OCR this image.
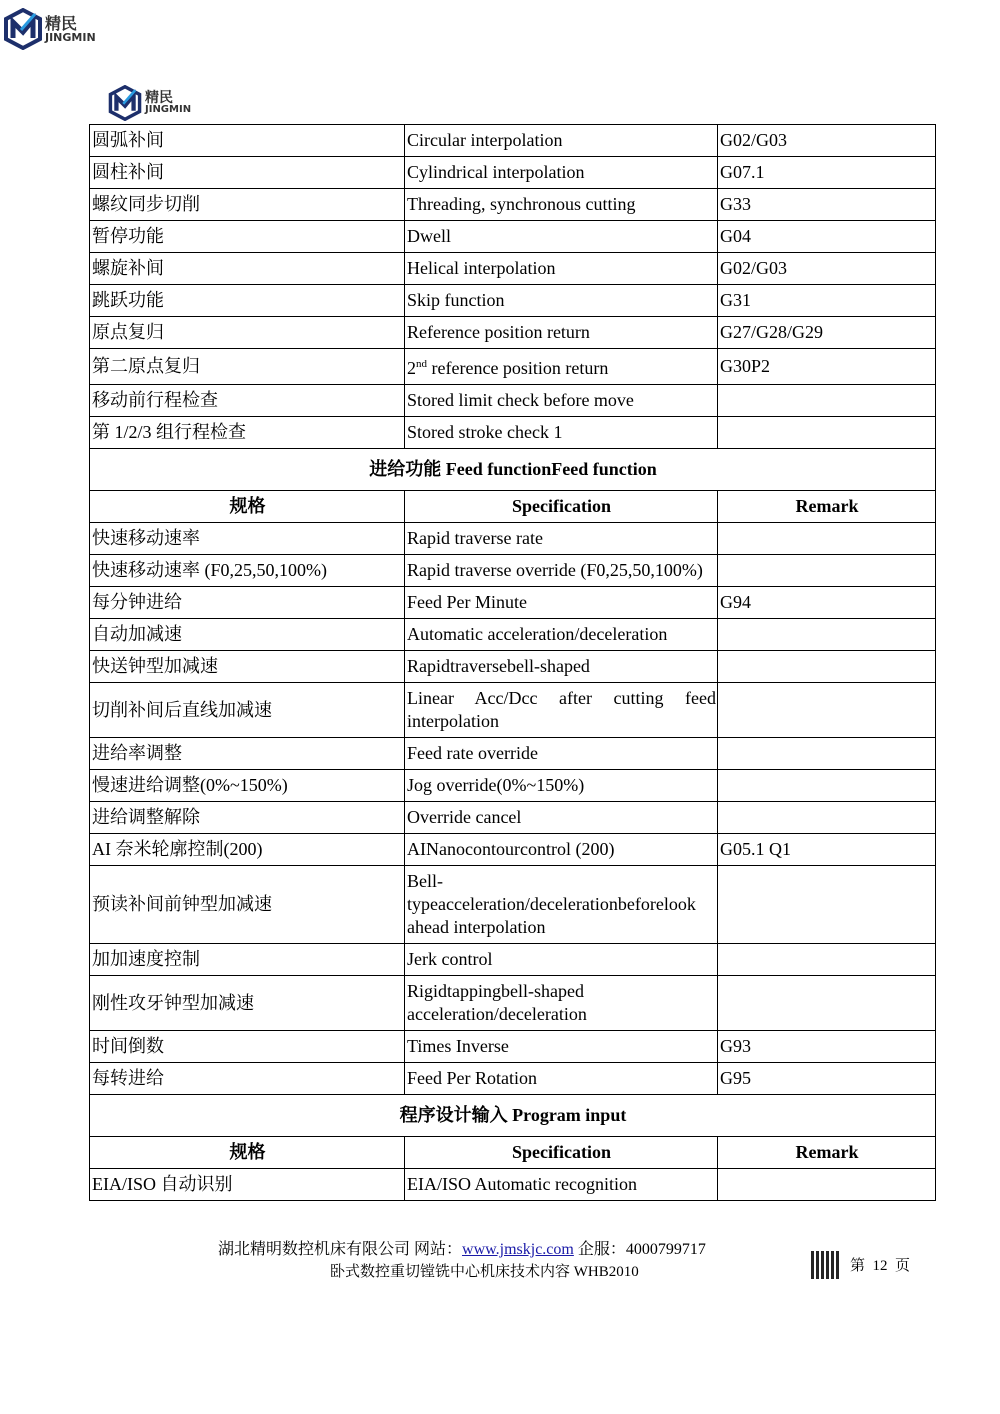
精民
JINGMIN
精民
JINGMIN
圆弧补间	Circular interpolation	G02/G03
圆柱补间	Cylindrical interpolation	G07.1
螺纹同步切削	Threading, synchronous cutting	G33
暂停功能	Dwell	G04
螺旋补间	Helical interpolation	G02/G03
跳跃功能	Skip function	G31
原点复归	Reference position return	G27/G28/G29
第二原点复归	2nd reference position return	G30P2
移动前行程检查	Stored limit check before move	
第 1/2/3 组行程检查	Stored stroke check 1	
进给功能 Feed functionFeed function		
规格	Specification	Remark
快速移动速率	Rapid traverse rate	
快速移动速率 (F0,25,50,100%)	Rapid traverse override (F0,25,50,100%)	
每分钟进给	Feed Per Minute	G94
自动加减速	Automatic acceleration/deceleration	
快送钟型加减速	Rapidtraversebell-shaped	
切削补间后直线加减速	Linear Acc/Dcc after cutting feed interpolation	
进给率调整	Feed rate override	
慢速进给调整(0%~150%)	Jog override(0%~150%)	
进给调整解除	Override cancel	
AI 奈米轮廓控制(200)	AINanocontourcontrol (200)	G05.1 Q1
预读补间前钟型加减速	Bell-typeacceleration/decelerationbeforelook ahead interpolation	
加加速度控制	Jerk control	
刚性攻牙钟型加减速	Rigidtappingbell-shaped acceleration/deceleration	
时间倒数	Times Inverse	G93
每转进给	Feed Per Rotation	G95
程序设计输入 Program input		
规格	Specification	Remark
EIA/ISO 自动识别	EIA/ISO Automatic recognition	
湖北精明数控机床有限公司 网站：www.jmskjc.com 企服：4000799717
卧式数控重切镗铣中心机床技术内容 WHB2010	第 12 页
